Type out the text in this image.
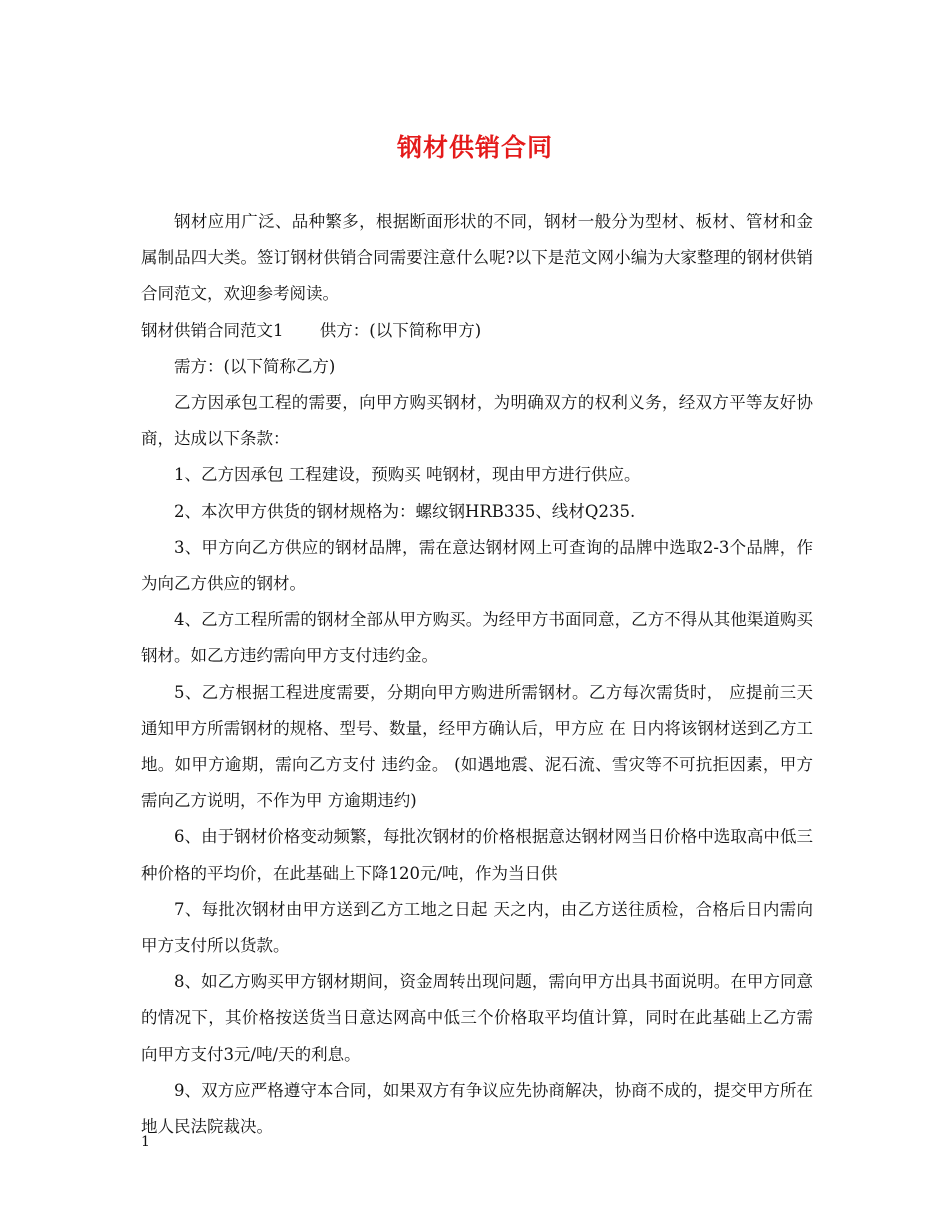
钢材供销合同

钢材应用广泛、品种繁多，根据断面形状的不同，钢材一般分为型材、板材、管材和金属制品四大类。签订钢材供销合同需要注意什么呢?以下是范文网小编为大家整理的钢材供销合同范文，欢迎参考阅读。

钢材供销合同范文1 供方：(以下简称甲方)

需方：(以下简称乙方)

乙方因承包工程的需要，向甲方购买钢材，为明确双方的权利义务，经双方平等友好协商，达成以下条款：

1、乙方因承包 工程建设，预购买 吨钢材，现由甲方进行供应。

2、本次甲方供货的钢材规格为：螺纹钢HRB335、线材Q235.

3、甲方向乙方供应的钢材品牌，需在意达钢材网上可查询的品牌中选取2-3个品牌，作为向乙方供应的钢材。

4、乙方工程所需的钢材全部从甲方购买。为经甲方书面同意，乙方不得从其他渠道购买钢材。如乙方违约需向甲方支付违约金。

5、乙方根据工程进度需要，分期向甲方购进所需钢材。乙方每次需货时， 应提前三天通知甲方所需钢材的规格、型号、数量，经甲方确认后，甲方应 在 日内将该钢材送到乙方工地。如甲方逾期，需向乙方支付 违约金。 (如遇地震、泥石流、雪灾等不可抗拒因素，甲方需向乙方说明，不作为甲 方逾期违约)

6、由于钢材价格变动频繁，每批次钢材的价格根据意达钢材网当日价格中选取高中低三种价格的平均价，在此基础上下降120元/吨，作为当日供

7、每批次钢材由甲方送到乙方工地之日起 天之内，由乙方送往质检，合格后日内需向甲方支付所以货款。

8、如乙方购买甲方钢材期间，资金周转出现问题，需向甲方出具书面说明。在甲方同意的情况下，其价格按送货当日意达网高中低三个价格取平均值计算，同时在此基础上乙方需向甲方支付3元/吨/天的利息。

9、双方应严格遵守本合同，如果双方有争议应先协商解决，协商不成的，提交甲方所在地人民法院裁决。

1
